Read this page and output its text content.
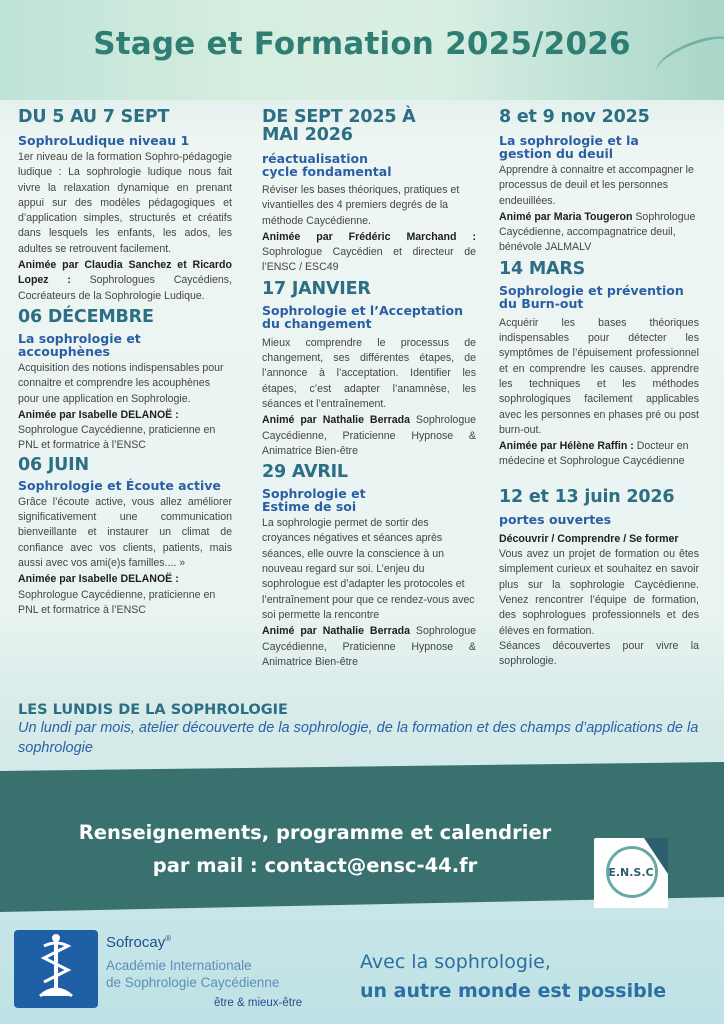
Stage et Formation 2025/2026
DU 5 AU 7 SEPT
SophroLudique niveau 1

1er niveau de la formation Sophro-pédagogie ludique : La sophrologie ludique nous fait vivre la relaxation dynamique en prenant appui sur des modèles pédagogiques et d’application simples, structurés et créatifs dans lesquels les enfants, les ados, les adultes se retrouvent facilement.

Animée par Claudia Sanchez et Ricardo Lopez : Sophrologues Caycédiens, Cocréateurs de la Sophrologie Ludique.

06 DÉCEMBRE
La sophrologie et accouphènes

Acquisition des notions indispensables pour connaitre et comprendre les acouphènes pour une application en Sophrologie.

Animée par Isabelle DELANOË : Sophrologue Caycédienne, praticienne en PNL et formatrice à l’ENSC

06 JUIN
Sophrologie et Écoute active

Grâce l’écoute active, vous allez améliorer significativement une communication bienveillante et instaurer un climat de confiance avec vos clients, patients, mais aussi avec vos ami(e)s familles.... »

Animée par Isabelle DELANOË : Sophrologue Caycédienne, praticienne en PNL et formatrice à l’ENSC

DE SEPT 2025 À MAI 2026
réactualisation cycle fondamental

Réviser les bases théoriques, pratiques et vivantielles des 4 premiers degrés de la méthode Caycédienne.

Animée par Frédéric Marchand : Sophrologue Caycédien et directeur de l’ENSC / ESC49

17 JANVIER
Sophrologie et l’Acceptation du changement

Mieux comprendre le processus de changement, ses différentes étapes, de l’annonce à l’acceptation. Identifier les étapes, c’est adapter l’anamnèse, les séances et l’entraînement.

Animé par Nathalie Berrada Sophrologue Caycédienne, Praticienne Hypnose & Animatrice Bien-être

29 AVRIL
Sophrologie et Estime de soi

La sophrologie permet de sortir des croyances négatives et séances après séances, elle ouvre la conscience à un nouveau regard sur soi. L’enjeu du sophrologue est d’adapter les protocoles et l’entraînement pour que ce rendez-vous avec soi permette la rencontre

Animé par Nathalie Berrada Sophrologue Caycédienne, Praticienne Hypnose & Animatrice Bien-être

8 et 9 nov 2025
La sophrologie et la gestion du deuil

Apprendre à connaitre et accompagner le processus de deuil et les personnes endeuillées.

Animé par Maria Tougeron Sophrologue Caycédienne, accompagnatrice deuil, bénévole JALMALV

14 MARS
Sophrologie et prévention du Burn-out

Acquérir les bases théoriques indispensables pour détecter les symptômes de l’épuisement professionnel et en comprendre les causes. apprendre les techniques et les méthodes sophrologiques facilement applicables avec les personnes en phases pré ou post burn-out.

Animée par Hélène Raffin : Docteur en médecine et Sophrologue Caycédienne

12 et 13 juin 2026
portes ouvertes

Découvrir / Comprendre / Se former

Vous avez un projet de formation ou êtes simplement curieux et souhaitez en savoir plus sur la sophrologie Caycédienne. Venez rencontrer l’équipe de formation, des sophrologues professionnels et des élèves en formation.

Séances découvertes pour vivre la sophrologie.

LES LUNDIS DE LA SOPHROLOGIE
Un lundi par mois, atelier découverte de la sophrologie, de la formation et des champs d’applications de la sophrologie
Renseignements, programme et calendrier
par mail : contact@ensc-44.fr	E.N.S.C
Sofrocay®
Académie Internationale
de Sophrologie Caycédienne
être & mieux-être
Avec la sophrologie,
un autre monde est possible
